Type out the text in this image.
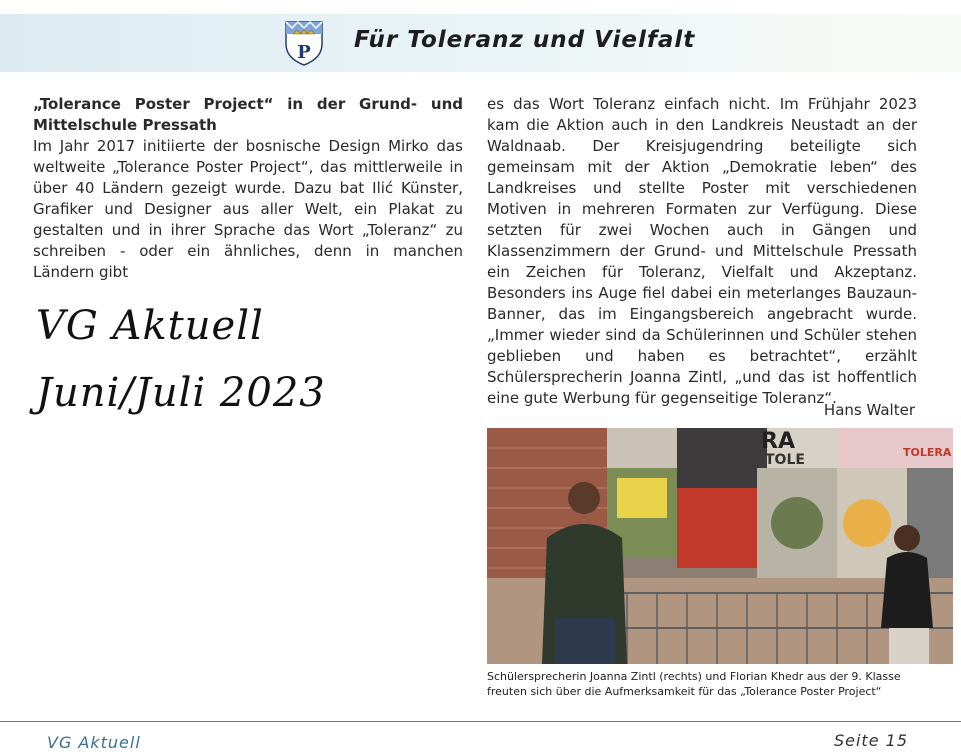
P Für Toleranz und Vielfalt

„Tolerance Poster Project“ in der Grund- und Mittelschule Pressath

Im Jahr 2017 initiierte der bosnische Design Mirko das weltweite „Tolerance Poster Project“, das mittlerweile in über 40 Ländern gezeigt wurde. Dazu bat Ilić Künster, Grafiker und Designer aus aller Welt, ein Plakat zu gestalten und in ihrer Sprache das Wort „Toleranz“ zu schreiben - oder ein ähnliches, denn in manchen Ländern gibt

es das Wort Toleranz einfach nicht. Im Frühjahr 2023 kam die Aktion auch in den Landkreis Neustadt an der Waldnaab. Der Kreisjugendring beteiligte sich gemeinsam mit der Aktion „Demokratie leben“ des Landkreises und stellte Poster mit verschiedenen Motiven in mehreren Formaten zur Verfügung. Diese setzten für zwei Wochen auch in Gängen und Klassenzimmern der Grund- und Mittelschule Pressath ein Zeichen für Toleranz, Vielfalt und Akzeptanz. Besonders ins Auge fiel dabei ein meterlanges Bauzaun-Banner, das im Eingangsbereich angebracht wurde. „Immer wieder sind da Schülerinnen und Schüler stehen geblieben und haben es betrachtet“, erzählt Schülersprecherin Joanna Zintl, „und das ist hoffentlich eine gute Werbung für gegenseitige Toleranz“.

Hans Walter
VG Aktuell
Juni/Juli 2023
RA
TOLE	TOLERA
Schülersprecherin Joanna Zintl (rechts) und Florian Khedr aus der 9. Klasse freuten sich über die Aufmerksamkeit für das „Tolerance Poster Project“
VG Aktuell	Seite 15
